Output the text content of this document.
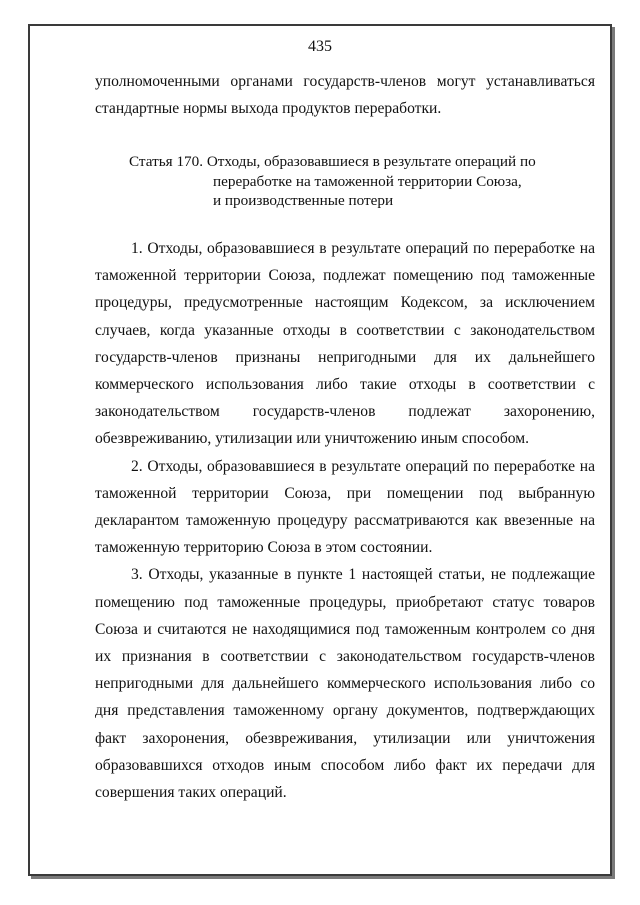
435

уполномоченными органами государств-членов могут устанавливаться стандартные нормы выхода продуктов переработки.

Статья 170. Отходы, образовавшиеся в результате операций по
переработке на таможенной территории Союза,
и производственные потери

1. Отходы, образовавшиеся в результате операций по переработке на таможенной территории Союза, подлежат помещению под таможенные процедуры, предусмотренные настоящим Кодексом, за исключением случаев, когда указанные отходы в соответствии с законодательством государств-членов признаны непригодными для их дальнейшего коммерческого использования либо такие отходы в соответствии с законодательством государств-членов подлежат захоронению, обезвреживанию, утилизации или уничтожению иным способом.

2. Отходы, образовавшиеся в результате операций по переработке на таможенной территории Союза, при помещении под выбранную декларантом таможенную процедуру рассматриваются как ввезенные на таможенную территорию Союза в этом состоянии.

3. Отходы, указанные в пункте 1 настоящей статьи, не подлежащие помещению под таможенные процедуры, приобретают статус товаров Союза и считаются не находящимися под таможенным контролем со дня их признания в соответствии с законодательством государств-членов непригодными для дальнейшего коммерческого использования либо со дня представления таможенному органу документов, подтверждающих факт захоронения, обезвреживания, утилизации или уничтожения образовавшихся отходов иным способом либо факт их передачи для совершения таких операций.
